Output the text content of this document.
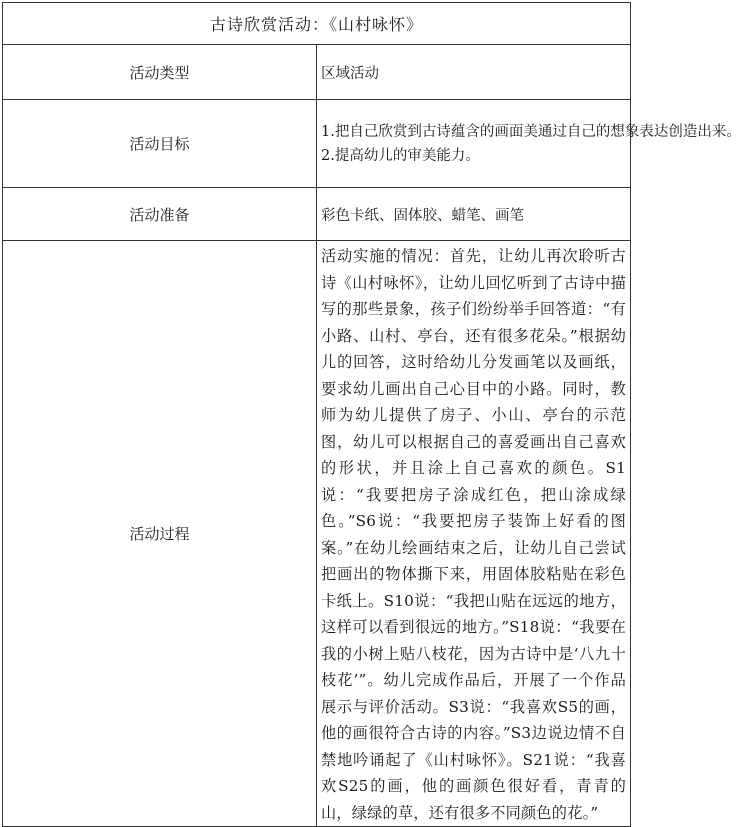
古诗欣赏活动：《山村咏怀》	
活动类型	区域活动
活动目标	1.把自己欣赏到古诗蕴含的画面美通过自己的想象表达创造出来。
2.提高幼儿的审美能力。

活动准备	彩色卡纸、固体胶、蜡笔、画笔
活动过程	活动实施的情况：首先，让幼儿再次聆听古诗《山村咏怀》，让幼儿回忆听到了古诗中描写的那些景象，孩子们纷纷举手回答道：“有小路、山村、亭台，还有很多花朵。”根据幼儿的回答，这时给幼儿分发画笔以及画纸，要求幼儿画出自己心目中的小路。同时，教师为幼儿提供了房子、小山、亭台的示范图，幼儿可以根据自己的喜爱画出自己喜欢的形状，并且涂上自己喜欢的颜色。S1说：“我要把房子涂成红色，把山涂成绿色。”S6说：“我要把房子装饰上好看的图案。”在幼儿绘画结束之后，让幼儿自己尝试把画出的物体撕下来，用固体胶粘贴在彩色卡纸上。S10说：“我把山贴在远远的地方，这样可以看到很远的地方。”S18说：“我要在我的小树上贴八枝花，因为古诗中是‘八九十枝花’”。幼儿完成作品后，开展了一个作品展示与评价活动。S3说：“我喜欢S5的画，他的画很符合古诗的内容。”S3边说边情不自禁地吟诵起了《山村咏怀》。S21说：“我喜欢S25的画，他的画颜色很好看，青青的山，绿绿的草，还有很多不同颜色的花。”
